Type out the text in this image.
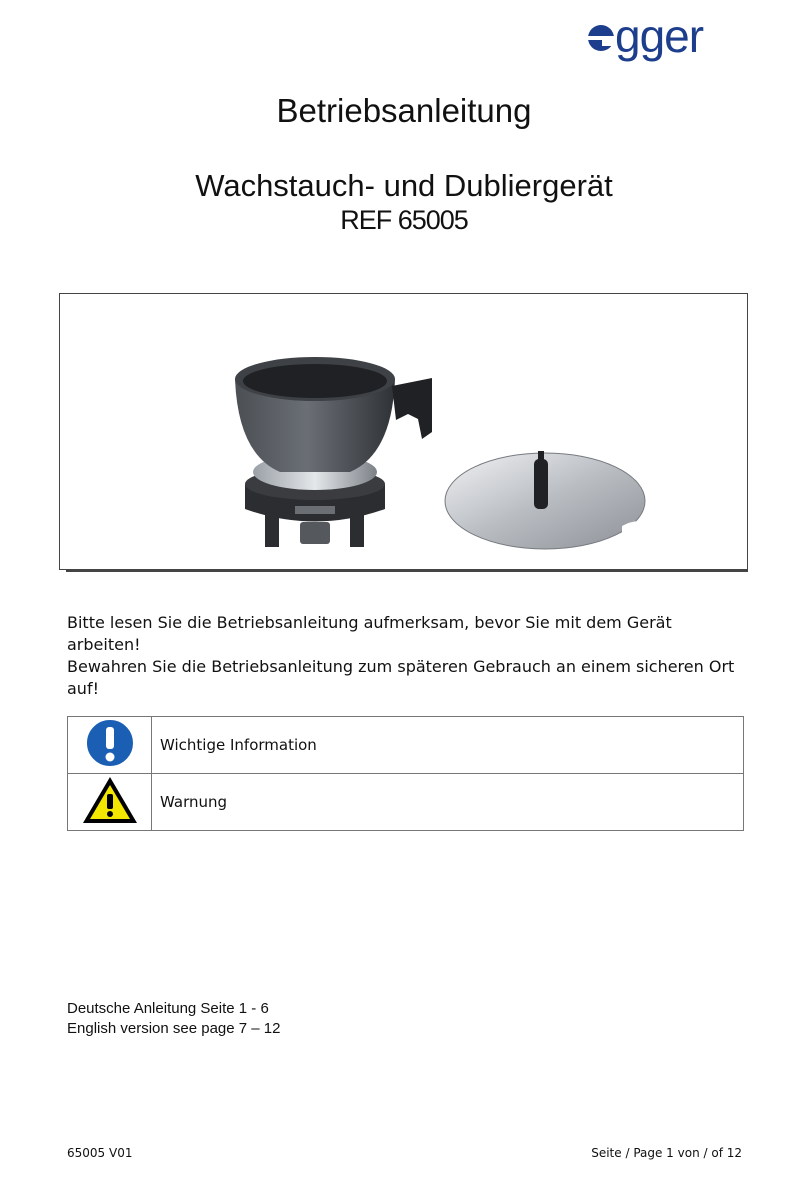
gger
Betriebsanleitung
Wachstauch- und Dubliergerät
REF 65005
Bitte lesen Sie die Betriebsanleitung aufmerksam, bevor Sie mit dem Gerät arbeiten!
Bewahren Sie die Betriebsanleitung zum späteren Gebrauch an einem sicheren Ort auf!
	Wichtige Information
	Warnung
Deutsche Anleitung Seite 1 - 6
English version see page 7 – 12
65005 V01	Seite / Page 1 von / of 12
